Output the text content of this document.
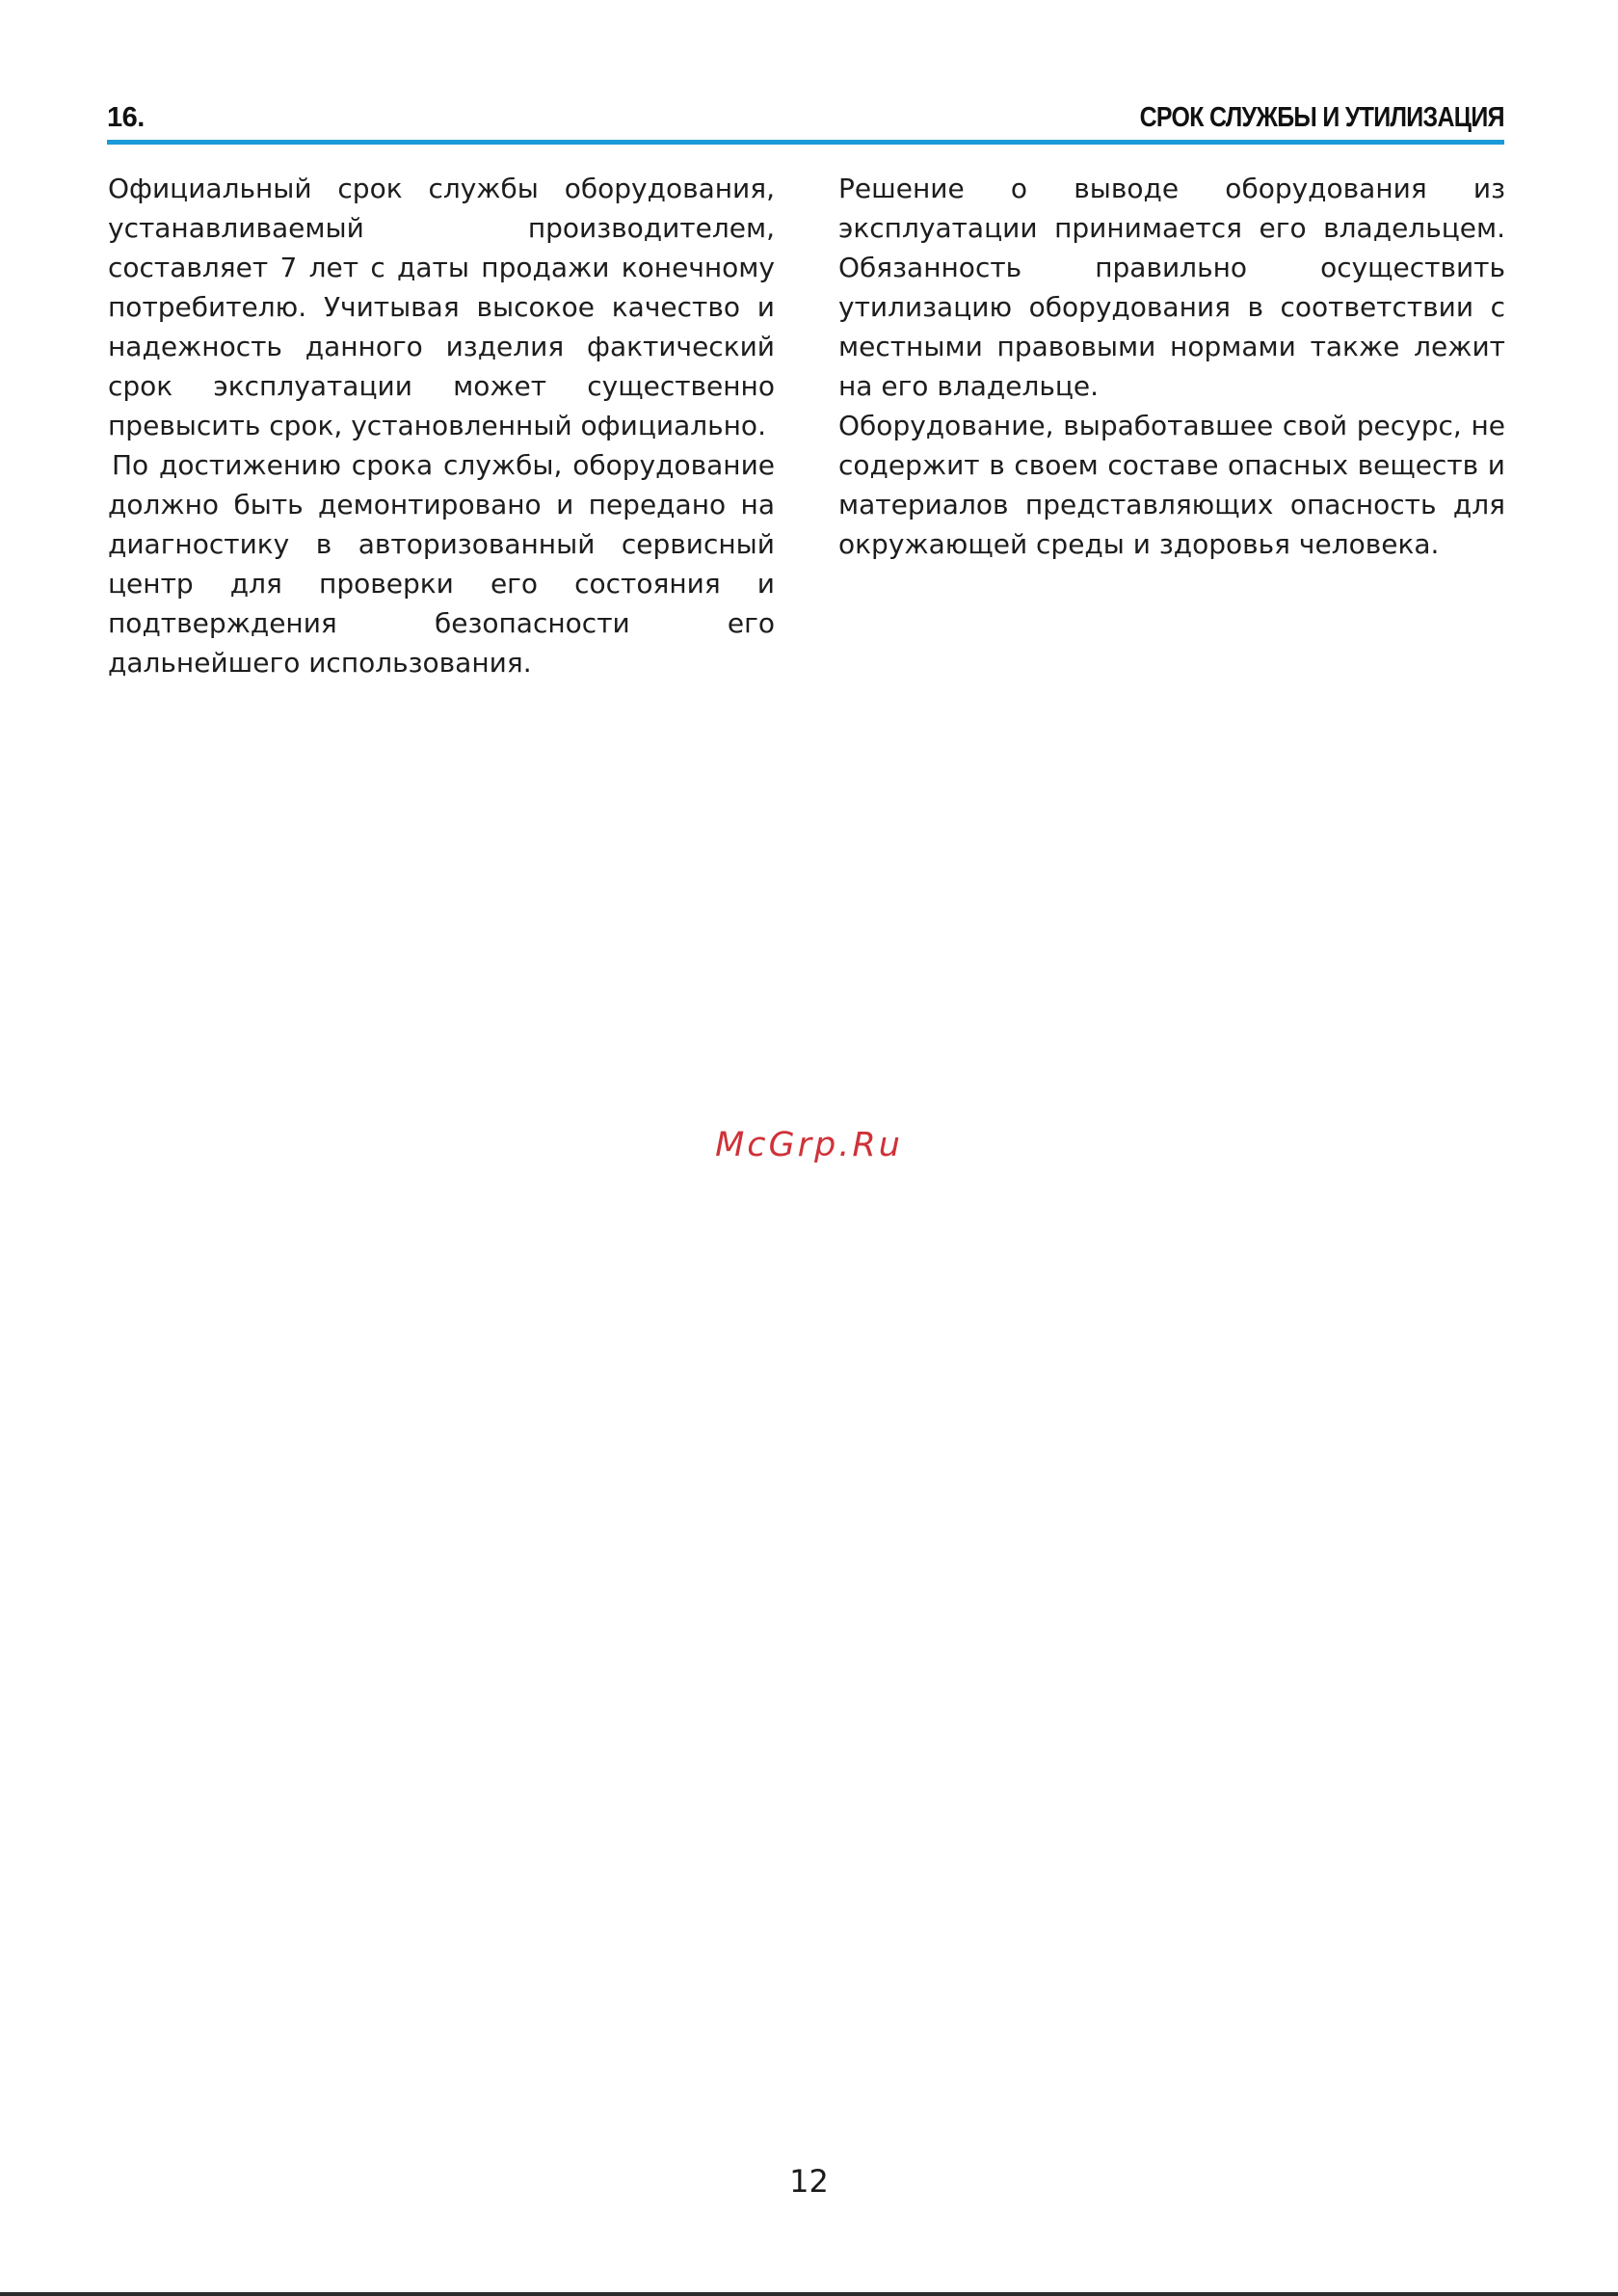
16.	СРОК СЛУЖБЫ И УТИЛИЗАЦИЯ

Официальный срок службы оборудования, устанавливаемый производителем, составляет 7 лет с даты продажи конечному потребителю. Учитывая высокое качество и надежность данного изделия фактический срок эксплуатации может существенно превысить срок, установленный официально.

По достижению срока службы, оборудование должно быть демонтировано и передано на диагностику в авторизованный сервисный центр для проверки его состояния и подтверждения безопасности его дальнейшего использования.

Решение о выводе оборудования из эксплуатации принимается его владельцем. Обязанность правильно осуществить утилизацию оборудования в соответствии с местными правовыми нормами также лежит на его владельце.

Оборудование, выработавшее свой ресурс, не содержит в своем составе опасных веществ и материалов представляющих опасность для окружающей среды и здоровья человека.

McGrp.Ru
12
